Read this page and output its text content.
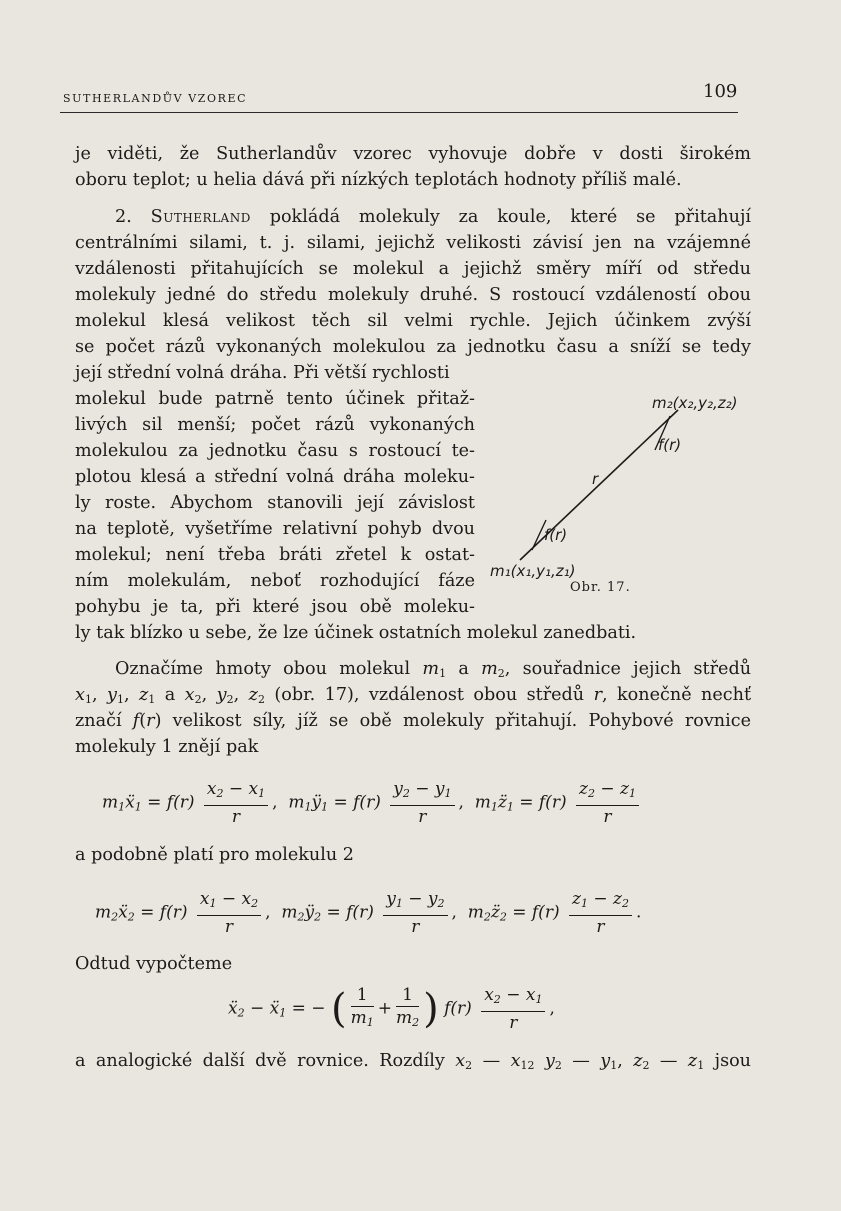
SUTHERLANDŮV VZOREC	109
je viděti, že Sutherlandův vzorec vyhovuje dobře v dosti širokém
oboru teplot; u helia dává při nízkých teplotách hodnoty příliš malé.
2. Sutherland pokládá molekuly za koule, které se přitahují
centrálními silami, t. j. silami, jejichž velikosti závisí jen na vzájemné
vzdálenosti přitahujících se molekul a jejichž směry míří od středu
molekuly jedné do středu molekuly druhé. S rostoucí vzdáleností obou
molekul klesá velikost těch sil velmi rychle. Jejich účinkem zvýší
se počet rázů vykonaných molekulou za jednotku času a sníží se tedy
její střední volná dráha. Při větší rychlosti
molekul bude patrně tento účinek přitaž-
livých sil menší; počet rázů vykonaných
molekulou za jednotku času s rostoucí te-
plotou klesá a střední volná dráha moleku-
ly roste. Abychom stanovili její závislost
na teplotě, vyšetříme relativní pohyb dvou
molekul; není třeba bráti zřetel k ostat-
ním molekulám, neboť rozhodující fáze
pohybu je ta, při které jsou obě moleku-
ly tak blízko u sebe, že lze účinek ostatních molekul zanedbati.
m₂(x₂,y₂,z₂)
f(r)
r
f(r)
m₁(x₁,y₁,z₁)
Obr. 17.
Označíme hmoty obou molekul $m_1$ a $m_2$, souřadnice jejich středů
$x_1$, $y_1$, $z_1$ a $x_2$, $y_2$, $z_2$ (obr. 17), vzdálenost obou středů r, konečně nechť
značí f(r) velikost síly, jíž se obě molekuly přitahují. Pohybové rovnice
molekuly 1 znějí pak
$m_1ẍ_1 = f(r) \frac{x_2 - x_1}{r}$ ,  $m_1ÿ_1 = f(r) \frac{y_2 - y_1}{r}$ ,  $m_1z̈_1 = f(r) \frac{z_2 - z_1}{r}$
a podobně platí pro molekulu 2
$m_2ẍ_2 = f(r) \frac{x_1 - x_2}{r}$ ,  $m_2ÿ_2 = f(r) \frac{y_1 - y_2}{r}$ ,  $m_2z̈_2 = f(r) \frac{z_1 - z_2}{r}$ .
Odtud vypočteme
ẍ$_2$ − ẍ$_1$ = − ( $\frac{1}{m_1} + \frac{1}{m_2}$ ) $f(r) \frac{x_2 - x_1}{r}$ ,
a analogické další dvě rovnice. Rozdíly $x_2$ — $x_{12}$ $y_2$ — $y_1$, $z_2$ — $z_1$ jsou
